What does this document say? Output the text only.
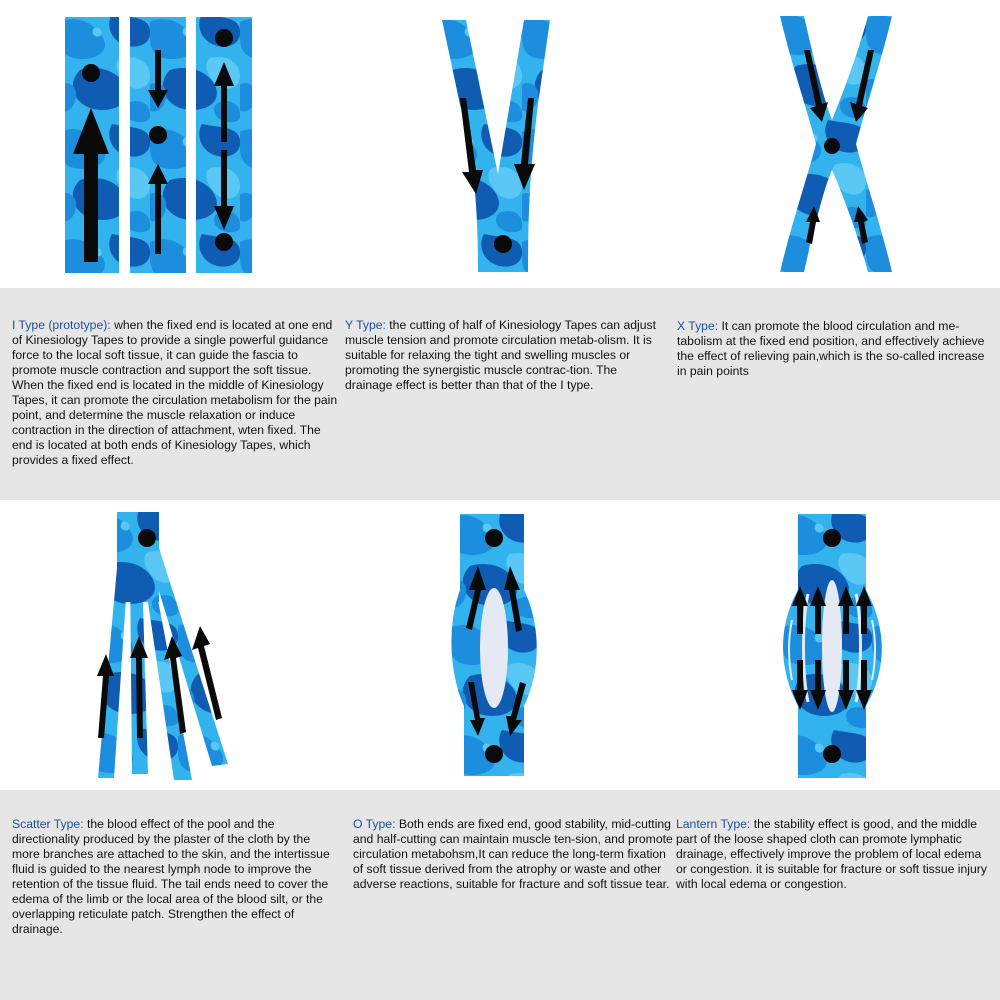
I Type (prototype): when the fixed end is located at one end of Kinesiology Tapes to provide a single powerful guidance force to the local soft tissue, it can guide the fascia to promote muscle contraction and support the soft tissue. When the fixed end is located in the middle of Kinesiology Tapes, it can promote the circulation metabolism for the pain point, and determine the muscle relaxation or induce contraction in the direction of attachment, wten fixed. The end is located at both ends of Kinesiology Tapes, which provides a fixed effect.
Y Type: the cutting of half of Kinesiology Tapes can adjust muscle tension and promote circulation metab-olism. It is suitable for relaxing the tight and swelling muscles or promoting the synergistic muscle contrac-tion. The drainage effect is better than that of the I type.
X Type: It can promote the blood circulation and me-tabolism at the fixed end position, and effectively achieve the effect of relieving pain,which is the so-called increase in pain points
Scatter Type: the blood effect of the pool and the directionality produced by the plaster of the cloth by the more branches are attached to the skin, and the intertissue fluid is guided to the nearest lymph node to improve the retention of the tissue fluid. The tail ends need to cover the edema of the limb or the local area of the blood silt, or the overlapping reticulate patch. Strengthen the effect of drainage.
O Type: Both ends are fixed end, good stability, mid-cutting and half-cutting can maintain muscle ten-sion, and promote circulation metabohsm,It can reduce the long-term fixation of soft tissue derived from the atrophy or waste and other adverse reactions, suitable for fracture and soft tissue tear.
Lantern Type: the stability effect is good, and the middle part of the loose shaped cloth can promote lymphatic drainage, effectively improve the problem of local edema or congestion. it is suitable for fracture or soft tissue injury with local edema or congestion.
